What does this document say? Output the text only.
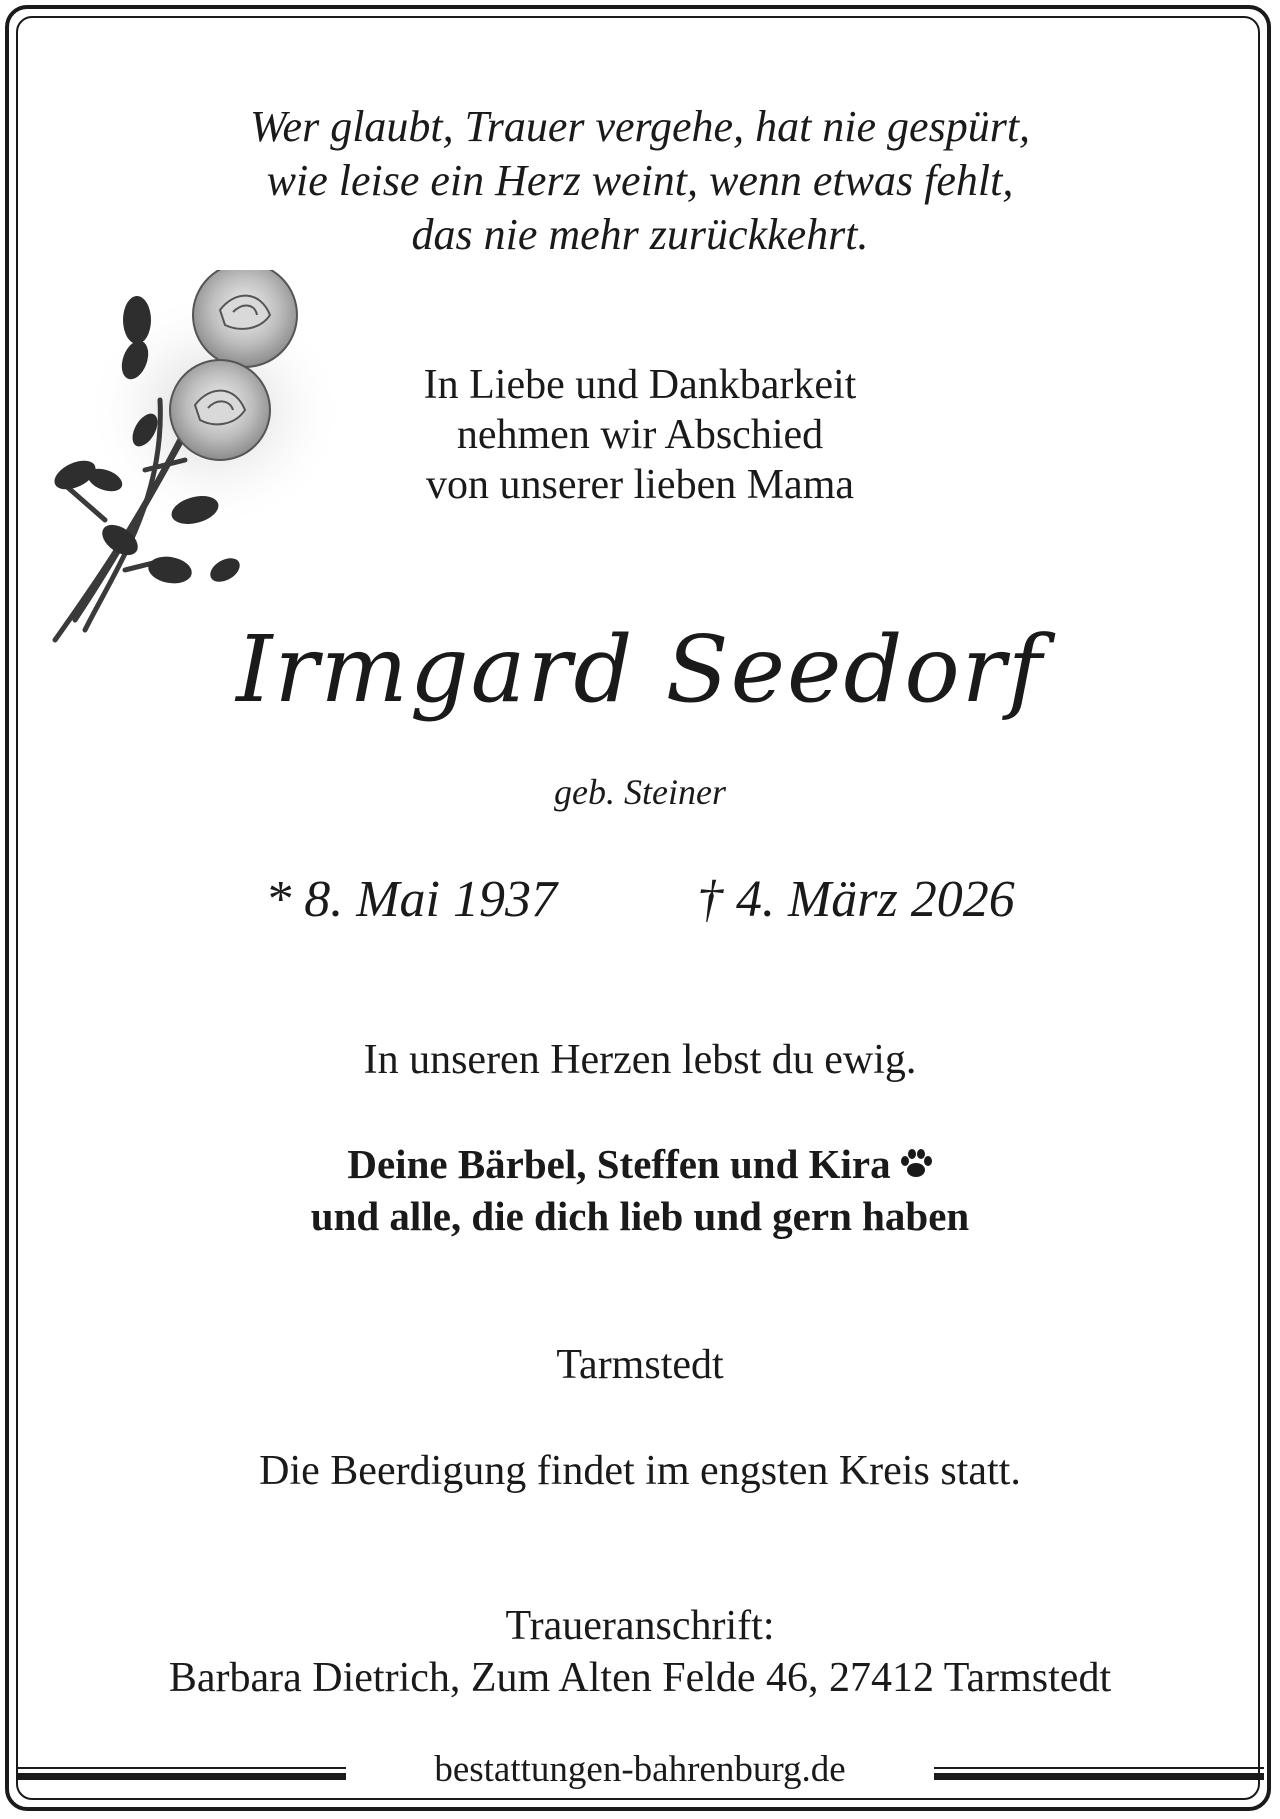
Wer glaubt, Trauer vergehe, hat nie gespürt,
wie leise ein Herz weint, wenn etwas fehlt,
das nie mehr zurückkehrt.
In Liebe und Dankbarkeit
nehmen wir Abschied
von unserer lieben Mama
Irmgard Seedorf
geb. Steiner
* 8. Mai 1937	† 4. März 2026
In unseren Herzen lebst du ewig.
Deine Bärbel, Steffen und Kira
und alle, die dich lieb und gern haben
Tarmstedt
Die Beerdigung findet im engsten Kreis statt.
Traueranschrift:
Barbara Dietrich, Zum Alten Felde 46, 27412 Tarmstedt
bestattungen-bahrenburg.de
